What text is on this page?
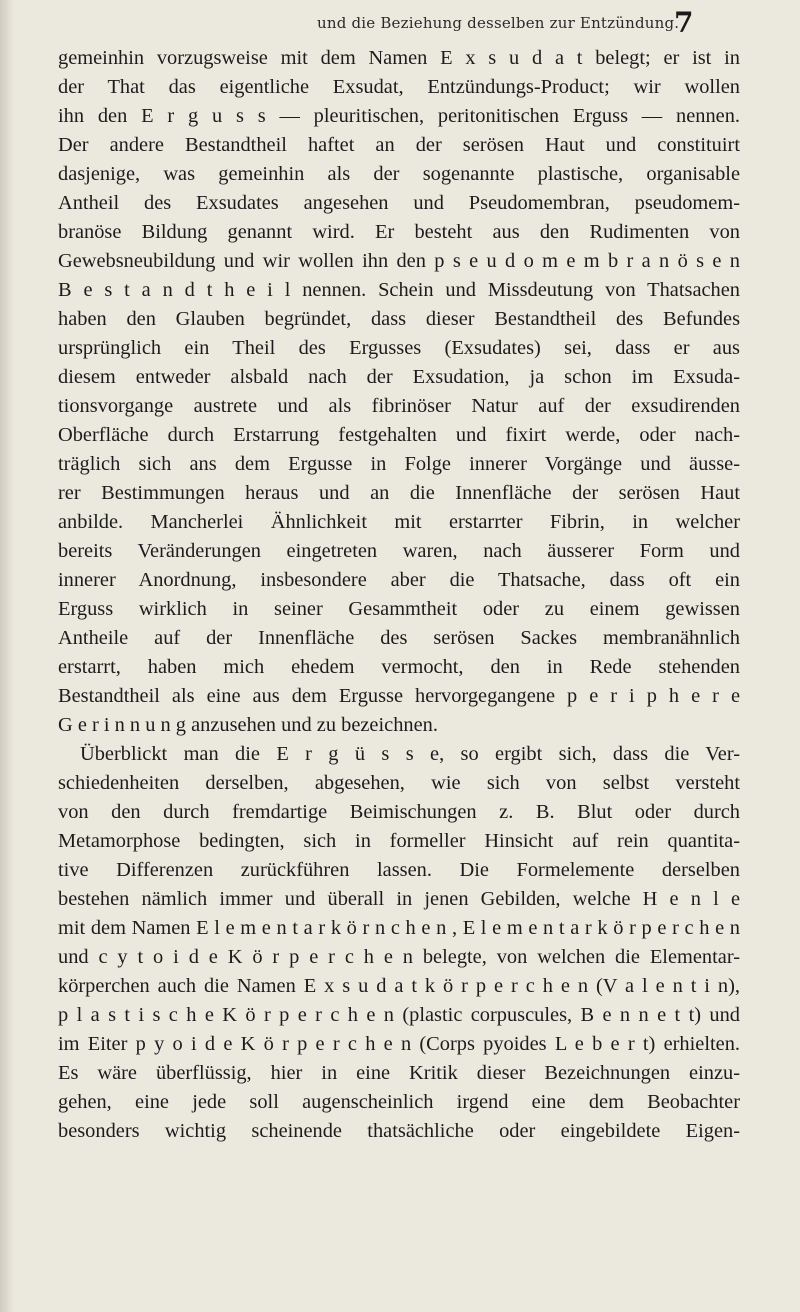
und die Beziehung desselben zur Entzündung.
7
gemeinhin vorzugsweise mit dem Namen E x s u d a t belegt; er ist in
der That das eigentliche Exsudat, Entzündungs-Product; wir wollen
ihn den E r g u s s — pleuritischen, peritonitischen Erguss — nennen.
Der andere Bestandtheil haftet an der serösen Haut und constituirt
dasjenige, was gemeinhin als der sogenannte plastische, organisable
Antheil des Exsudates angesehen und Pseudomembran, pseudomem-
branöse Bildung genannt wird. Er besteht aus den Rudimenten von
Gewebsneubildung und wir wollen ihn den p s e u d o m e m b r a n ö s e n
B e s t a n d t h e i l nennen. Schein und Missdeutung von Thatsachen
haben den Glauben begründet, dass dieser Bestandtheil des Befundes
ursprünglich ein Theil des Ergusses (Exsudates) sei, dass er aus
diesem entweder alsbald nach der Exsudation, ja schon im Exsuda-
tionsvorgange austrete und als fibrinöser Natur auf der exsudirenden
Oberfläche durch Erstarrung festgehalten und fixirt werde, oder nach-
träglich sich ans dem Ergusse in Folge innerer Vorgänge und äusse-
rer Bestimmungen heraus und an die Innenfläche der serösen Haut
anbilde. Mancherlei Ähnlichkeit mit erstarrter Fibrin, in welcher
bereits Veränderungen eingetreten waren, nach äusserer Form und
innerer Anordnung, insbesondere aber die Thatsache, dass oft ein
Erguss wirklich in seiner Gesammtheit oder zu einem gewissen
Antheile auf der Innenfläche des serösen Sackes membranähnlich
erstarrt, haben mich ehedem vermocht, den in Rede stehenden
Bestandtheil als eine aus dem Ergusse hervorgegangene p e r i p h e r e
G e r i n n u n g anzusehen und zu bezeichnen.
Überblickt man die E r g ü s s e, so ergibt sich, dass die Ver-
schiedenheiten derselben, abgesehen, wie sich von selbst versteht
von den durch fremdartige Beimischungen z. B. Blut oder durch
Metamorphose bedingten, sich in formeller Hinsicht auf rein quantita-
tive Differenzen zurückführen lassen. Die Formelemente derselben
bestehen nämlich immer und überall in jenen Gebilden, welche H e n l e
mit dem Namen E l e m e n t a r k ö r n c h e n , E l e m e n t a r k ö r p e r c h e n
und c y t o i d e K ö r p e r c h e n belegte, von welchen die Elementar-
körperchen auch die Namen E x s u d a t k ö r p e r c h e n (V a l e n t i n),
p l a s t i s c h e K ö r p e r c h e n (plastic corpuscules, B e n n e t t) und
im Eiter p y o i d e K ö r p e r c h e n (Corps pyoides L e b e r t) erhielten.
Es wäre überflüssig, hier in eine Kritik dieser Bezeichnungen einzu-
gehen, eine jede soll augenscheinlich irgend eine dem Beobachter
besonders wichtig scheinende thatsächliche oder eingebildete Eigen-
